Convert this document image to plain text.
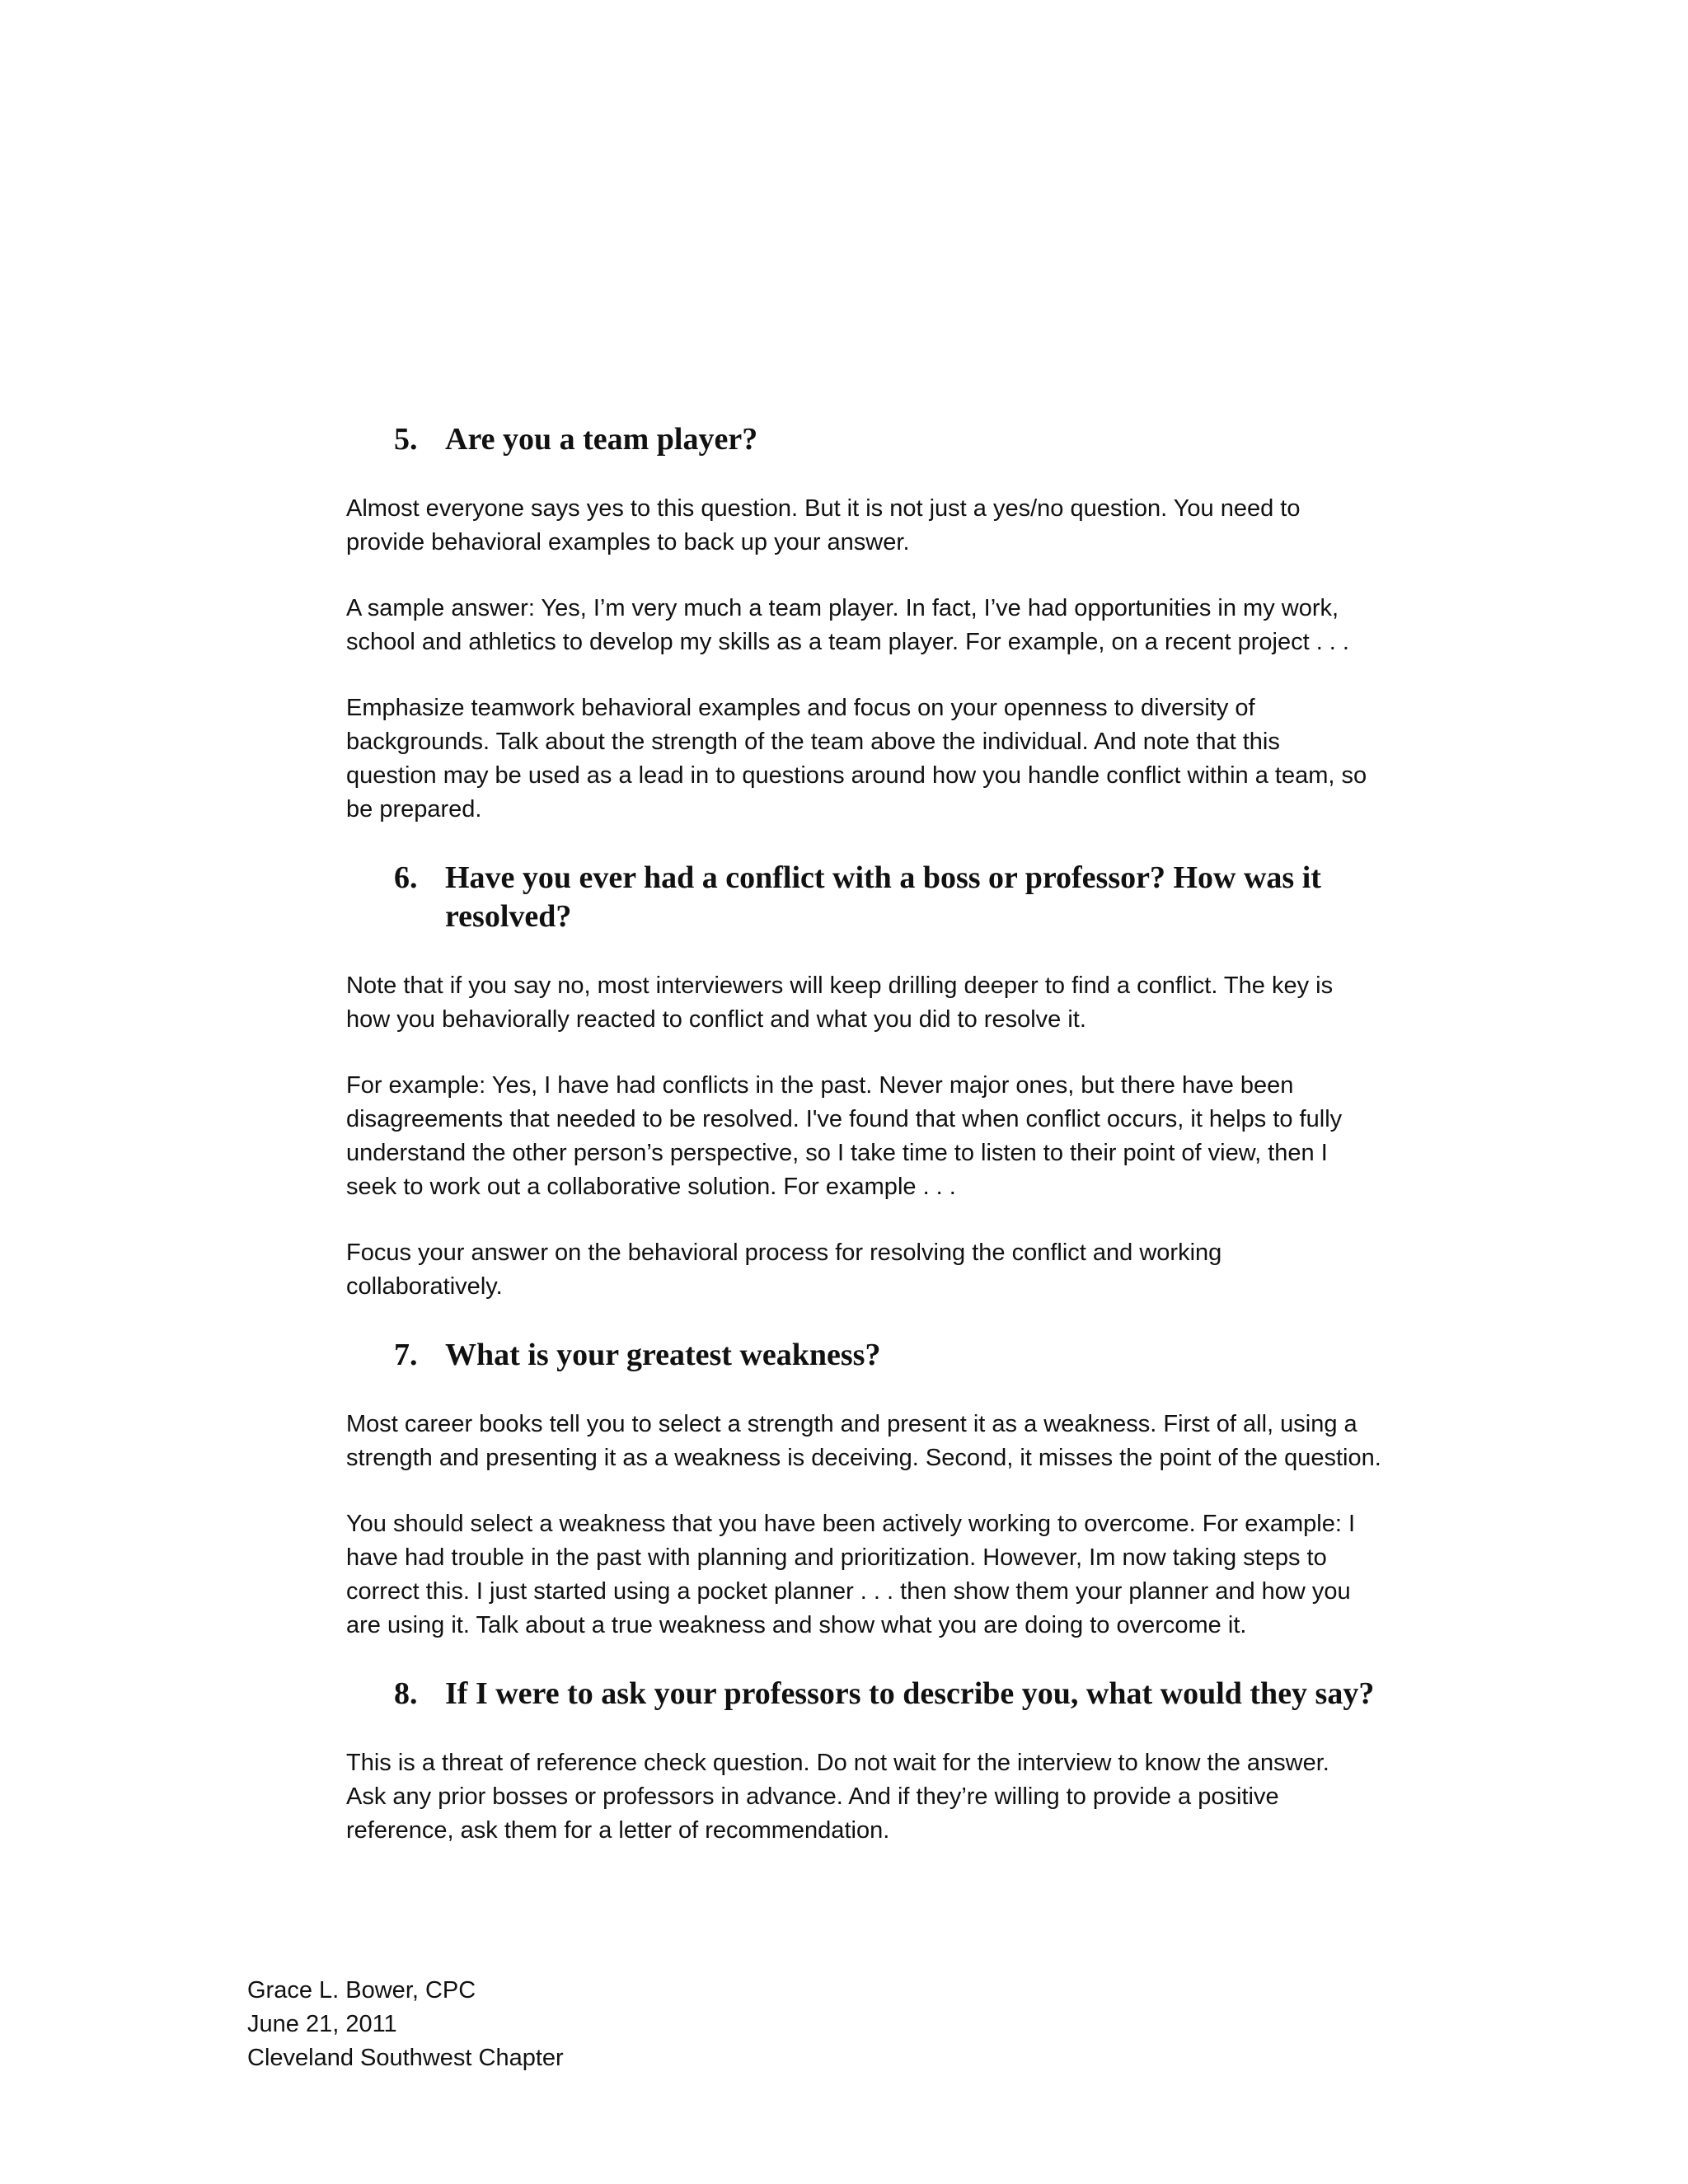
5. Are you a team player?

Almost everyone says yes to this question. But it is not just a yes/no question. You need to
provide behavioral examples to back up your answer.

A sample answer: Yes, I’m very much a team player. In fact, I’ve had opportunities in my work,
school and athletics to develop my skills as a team player. For example, on a recent project . . .

Emphasize teamwork behavioral examples and focus on your openness to diversity of
backgrounds. Talk about the strength of the team above the individual. And note that this
question may be used as a lead in to questions around how you handle conflict within a team, so
be prepared.

6. Have you ever had a conflict with a boss or professor? How was it resolved?

Note that if you say no, most interviewers will keep drilling deeper to find a conflict. The key is
how you behaviorally reacted to conflict and what you did to resolve it.

For example: Yes, I have had conflicts in the past. Never major ones, but there have been
disagreements that needed to be resolved. I've found that when conflict occurs, it helps to fully
understand the other person’s perspective, so I take time to listen to their point of view, then I
seek to work out a collaborative solution. For example . . .

Focus your answer on the behavioral process for resolving the conflict and working
collaboratively.

7. What is your greatest weakness?

Most career books tell you to select a strength and present it as a weakness. First of all, using a
strength and presenting it as a weakness is deceiving. Second, it misses the point of the question.

You should select a weakness that you have been actively working to overcome. For example: I
have had trouble in the past with planning and prioritization. However, Im now taking steps to
correct this. I just started using a pocket planner . . . then show them your planner and how you
are using it. Talk about a true weakness and show what you are doing to overcome it.

8. If I were to ask your professors to describe you, what would they say?

This is a threat of reference check question. Do not wait for the interview to know the answer.
Ask any prior bosses or professors in advance. And if they’re willing to provide a positive
reference, ask them for a letter of recommendation.

Grace L. Bower, CPC
June 21, 2011
Cleveland Southwest Chapter
